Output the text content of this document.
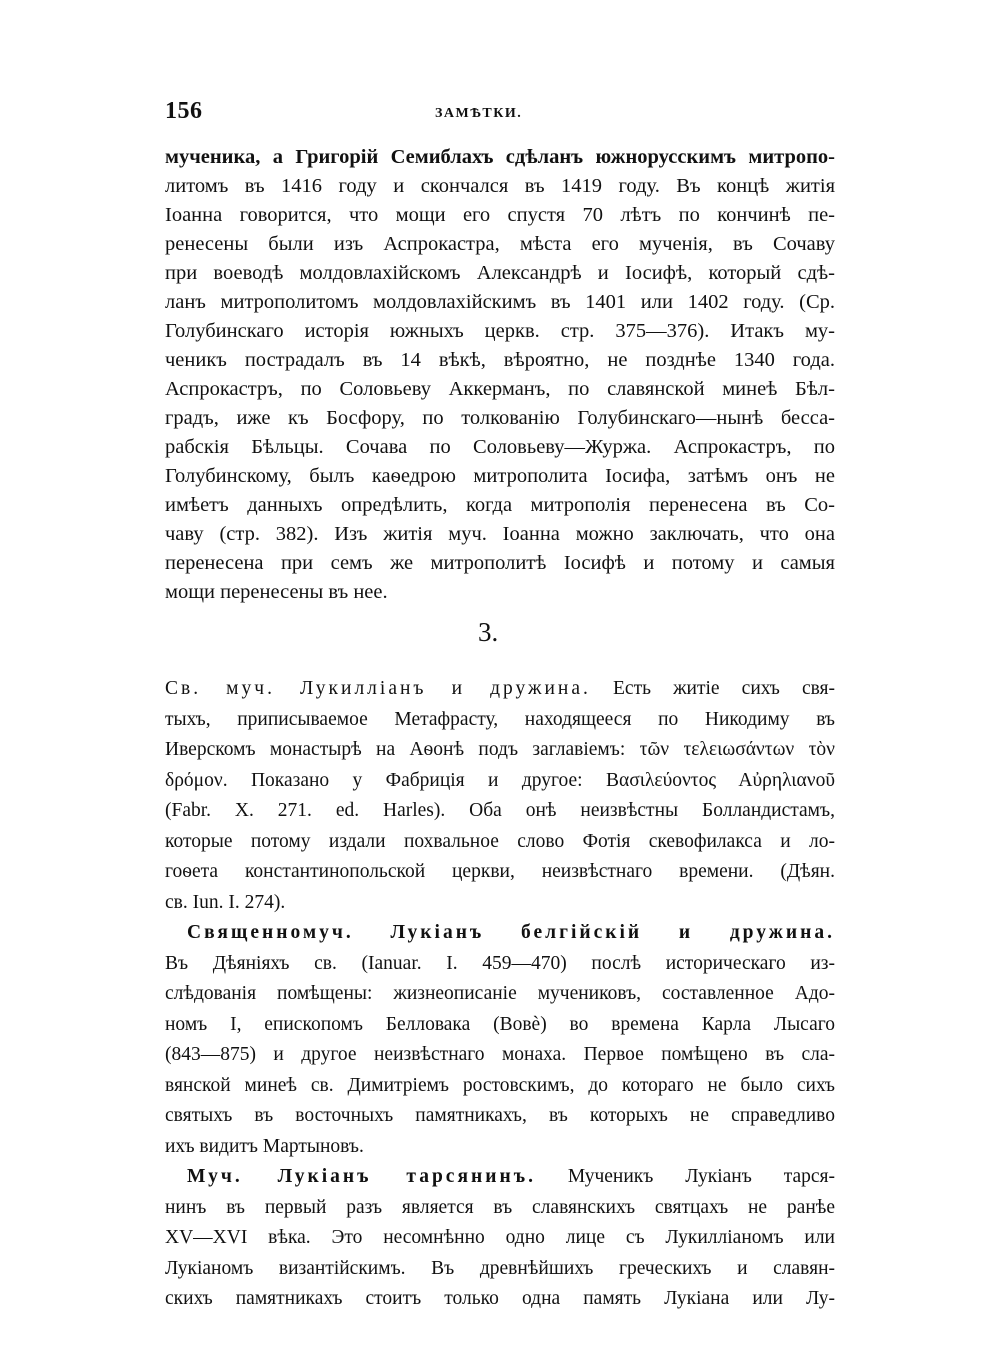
156	ЗАМѢТКИ.
мученика, а Григорій Семиблахъ сдѣланъ южнорусскимъ митропо-
литомъ въ 1416 году и скончался въ 1419 году. Въ концѣ житія
Іоанна говорится, что мощи его спустя 70 лѣтъ по кончинѣ пе-
ренесены были изъ Аспрокастра, мѣста его мученія, въ Сочаву
при воеводѣ молдовлахійскомъ Александрѣ и Іосифѣ, который сдѣ-
ланъ митрополитомъ молдовлахійскимъ въ 1401 или 1402 году. (Ср.
Голубинскаго исторія южныхъ церкв. стр. 375—376). Итакъ му-
ченикъ пострадалъ въ 14 вѣкѣ, вѣроятно, не позднѣе 1340 года.
Аспрокастръ, по Соловьеву Аккерманъ, по славянской минеѣ Бѣл-
градъ, иже къ Босфору, по толкованію Голубинскаго—нынѣ бесса-
рабскія Бѣльцы. Сочава по Соловьеву—Журжа. Аспрокастръ, по
Голубинскому, былъ каѳедрою митрополита Іосифа, затѣмъ онъ не
имѣетъ данныхъ опредѣлить, когда митрополія перенесена въ Со-
чаву (стр. 382). Изъ житія муч. Іоанна можно заключать, что она
перенесена при семъ же митрополитѣ Іосифѣ и потому и самыя
мощи перенесены въ нее.
3.
Св. муч. Лукилліанъ и дружина. Есть житіе сихъ свя-
тыхъ, приписываемое Метафрасту, находящееся по Никодиму въ
Иверскомъ монастырѣ на Аѳонѣ подъ заглавіемъ: τῶν τελειωσάντων τὸν
δρόμον. Показано у Фабриція и другое: Βασιλεύοντος Αὐρηλιανοῦ
(Fabr. X. 271. ed. Harles). Оба онѣ неизвѣстны Болландистамъ,
которые потому издали похвальное слово Фотія скевофилакса и ло-
гоѳета константинопольской церкви, неизвѣстнаго времени. (Дѣян.
св. Iun. I. 274).
Священномуч. Лукіанъ белгійскій и дружина.
Въ Дѣяніяхъ св. (Ianuar. I. 459—470) послѣ историческаго из-
слѣдованія помѣщены: жизнеописаніе мучениковъ, составленное Адо-
номъ I, епископомъ Белловака (Вовè) во времена Карла Лысаго
(843—875) и другое неизвѣстнаго монаха. Первое помѣщено въ сла-
вянской минеѣ св. Димитріемъ ростовскимъ, до котораго не было сихъ
святыхъ въ восточныхъ памятникахъ, въ которыхъ не справедливо
ихъ видитъ Мартыновъ.
Муч. Лукіанъ тарсянинъ. Мученикъ Лукіанъ тарся-
нинъ въ первый разъ является въ славянскихъ святцахъ не ранѣе
XV—XVI вѣка. Это несомнѣнно одно лице съ Лукилліаномъ или
Лукіаномъ византійскимъ. Въ древнѣйшихъ греческихъ и славян-
скихъ памятникахъ стоитъ только одна память Лукіана или Лу-
